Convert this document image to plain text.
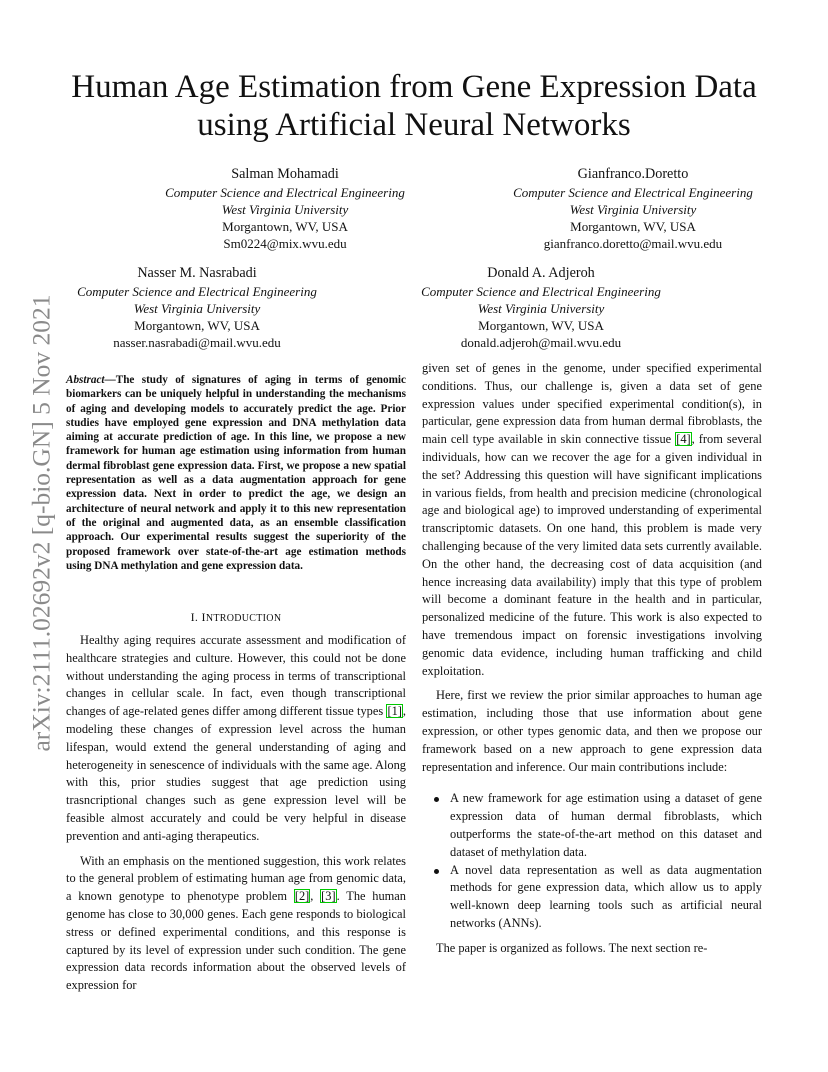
arXiv:2111.02692v2 [q-bio.GN] 5 Nov 2021
Human Age Estimation from Gene Expression Data
using Artificial Neural Networks
Salman Mohamadi
Computer Science and Electrical Engineering
West Virginia University
Morgantown, WV, USA
Sm0224@mix.wvu.edu
Gianfranco.Doretto
Computer Science and Electrical Engineering
West Virginia University
Morgantown, WV, USA
gianfranco.doretto@mail.wvu.edu
Nasser M. Nasrabadi
Computer Science and Electrical Engineering
West Virginia University
Morgantown, WV, USA
nasser.nasrabadi@mail.wvu.edu
Donald A. Adjeroh
Computer Science and Electrical Engineering
West Virginia University
Morgantown, WV, USA
donald.adjeroh@mail.wvu.edu

Abstract—The study of signatures of aging in terms of genomic biomarkers can be uniquely helpful in understanding the mechanisms of aging and developing models to accurately predict the age. Prior studies have employed gene expression and DNA methylation data aiming at accurate prediction of age. In this line, we propose a new framework for human age estimation using information from human dermal fibroblast gene expression data. First, we propose a new spatial representation as well as a data augmentation approach for gene expression data. Next in order to predict the age, we design an architecture of neural network and apply it to this new representation of the original and augmented data, as an ensemble classification approach. Our experimental results suggest the superiority of the proposed framework over state-of-the-art age estimation methods using DNA methylation and gene expression data.

I. INTRODUCTION

Healthy aging requires accurate assessment and modification of healthcare strategies and culture. However, this could not be done without understanding the aging process in terms of transcriptional changes in cellular scale. In fact, even though transcriptional changes of age-related genes differ among different tissue types [1], modeling these changes of expression level across the human lifespan, would extend the general understanding of aging and heterogeneity in senescence of individuals with the same age. Along with this, prior studies suggest that age prediction using trasncriptional changes such as gene expression level will be feasible almost accurately and could be very helpful in disease prevention and anti-aging therapeutics.

With an emphasis on the mentioned suggestion, this work relates to the general problem of estimating human age from genomic data, a known genotype to phenotype problem [2], [3]. The human genome has close to 30,000 genes. Each gene responds to biological stress or defined experimental conditions, and this response is captured by its level of expression under such condition. The gene expression data records information about the observed levels of expression for

given set of genes in the genome, under specified experimental conditions. Thus, our challenge is, given a data set of gene expression values under specified experimental condition(s), in particular, gene expression data from human dermal fibroblasts, the main cell type available in skin connective tissue [4], from several individuals, how can we recover the age for a given individual in the set? Addressing this question will have significant implications in various fields, from health and precision medicine (chronological age and biological age) to improved understanding of experimental transcriptomic datasets. On one hand, this problem is made very challenging because of the very limited data sets currently available. On the other hand, the decreasing cost of data acquisition (and hence increasing data availability) imply that this type of problem will become a dominant feature in the health and in particular, personalized medicine of the future. This work is also expected to have tremendous impact on forensic investigations involving genomic data evidence, including human trafficking and child exploitation.

Here, first we review the prior similar approaches to human age estimation, including those that use information about gene expression, or other types genomic data, and then we propose our framework based on a new approach to gene expression data representation and inference. Our main contributions include:

A new framework for age estimation using a dataset of gene expression data of human dermal fibroblasts, which outperforms the state-of-the-art method on this dataset and dataset of methylation data.
A novel data representation as well as data augmentation methods for gene expression data, which allow us to apply well-known deep learning tools such as artificial neural networks (ANNs).

The paper is organized as follows. The next section re-
